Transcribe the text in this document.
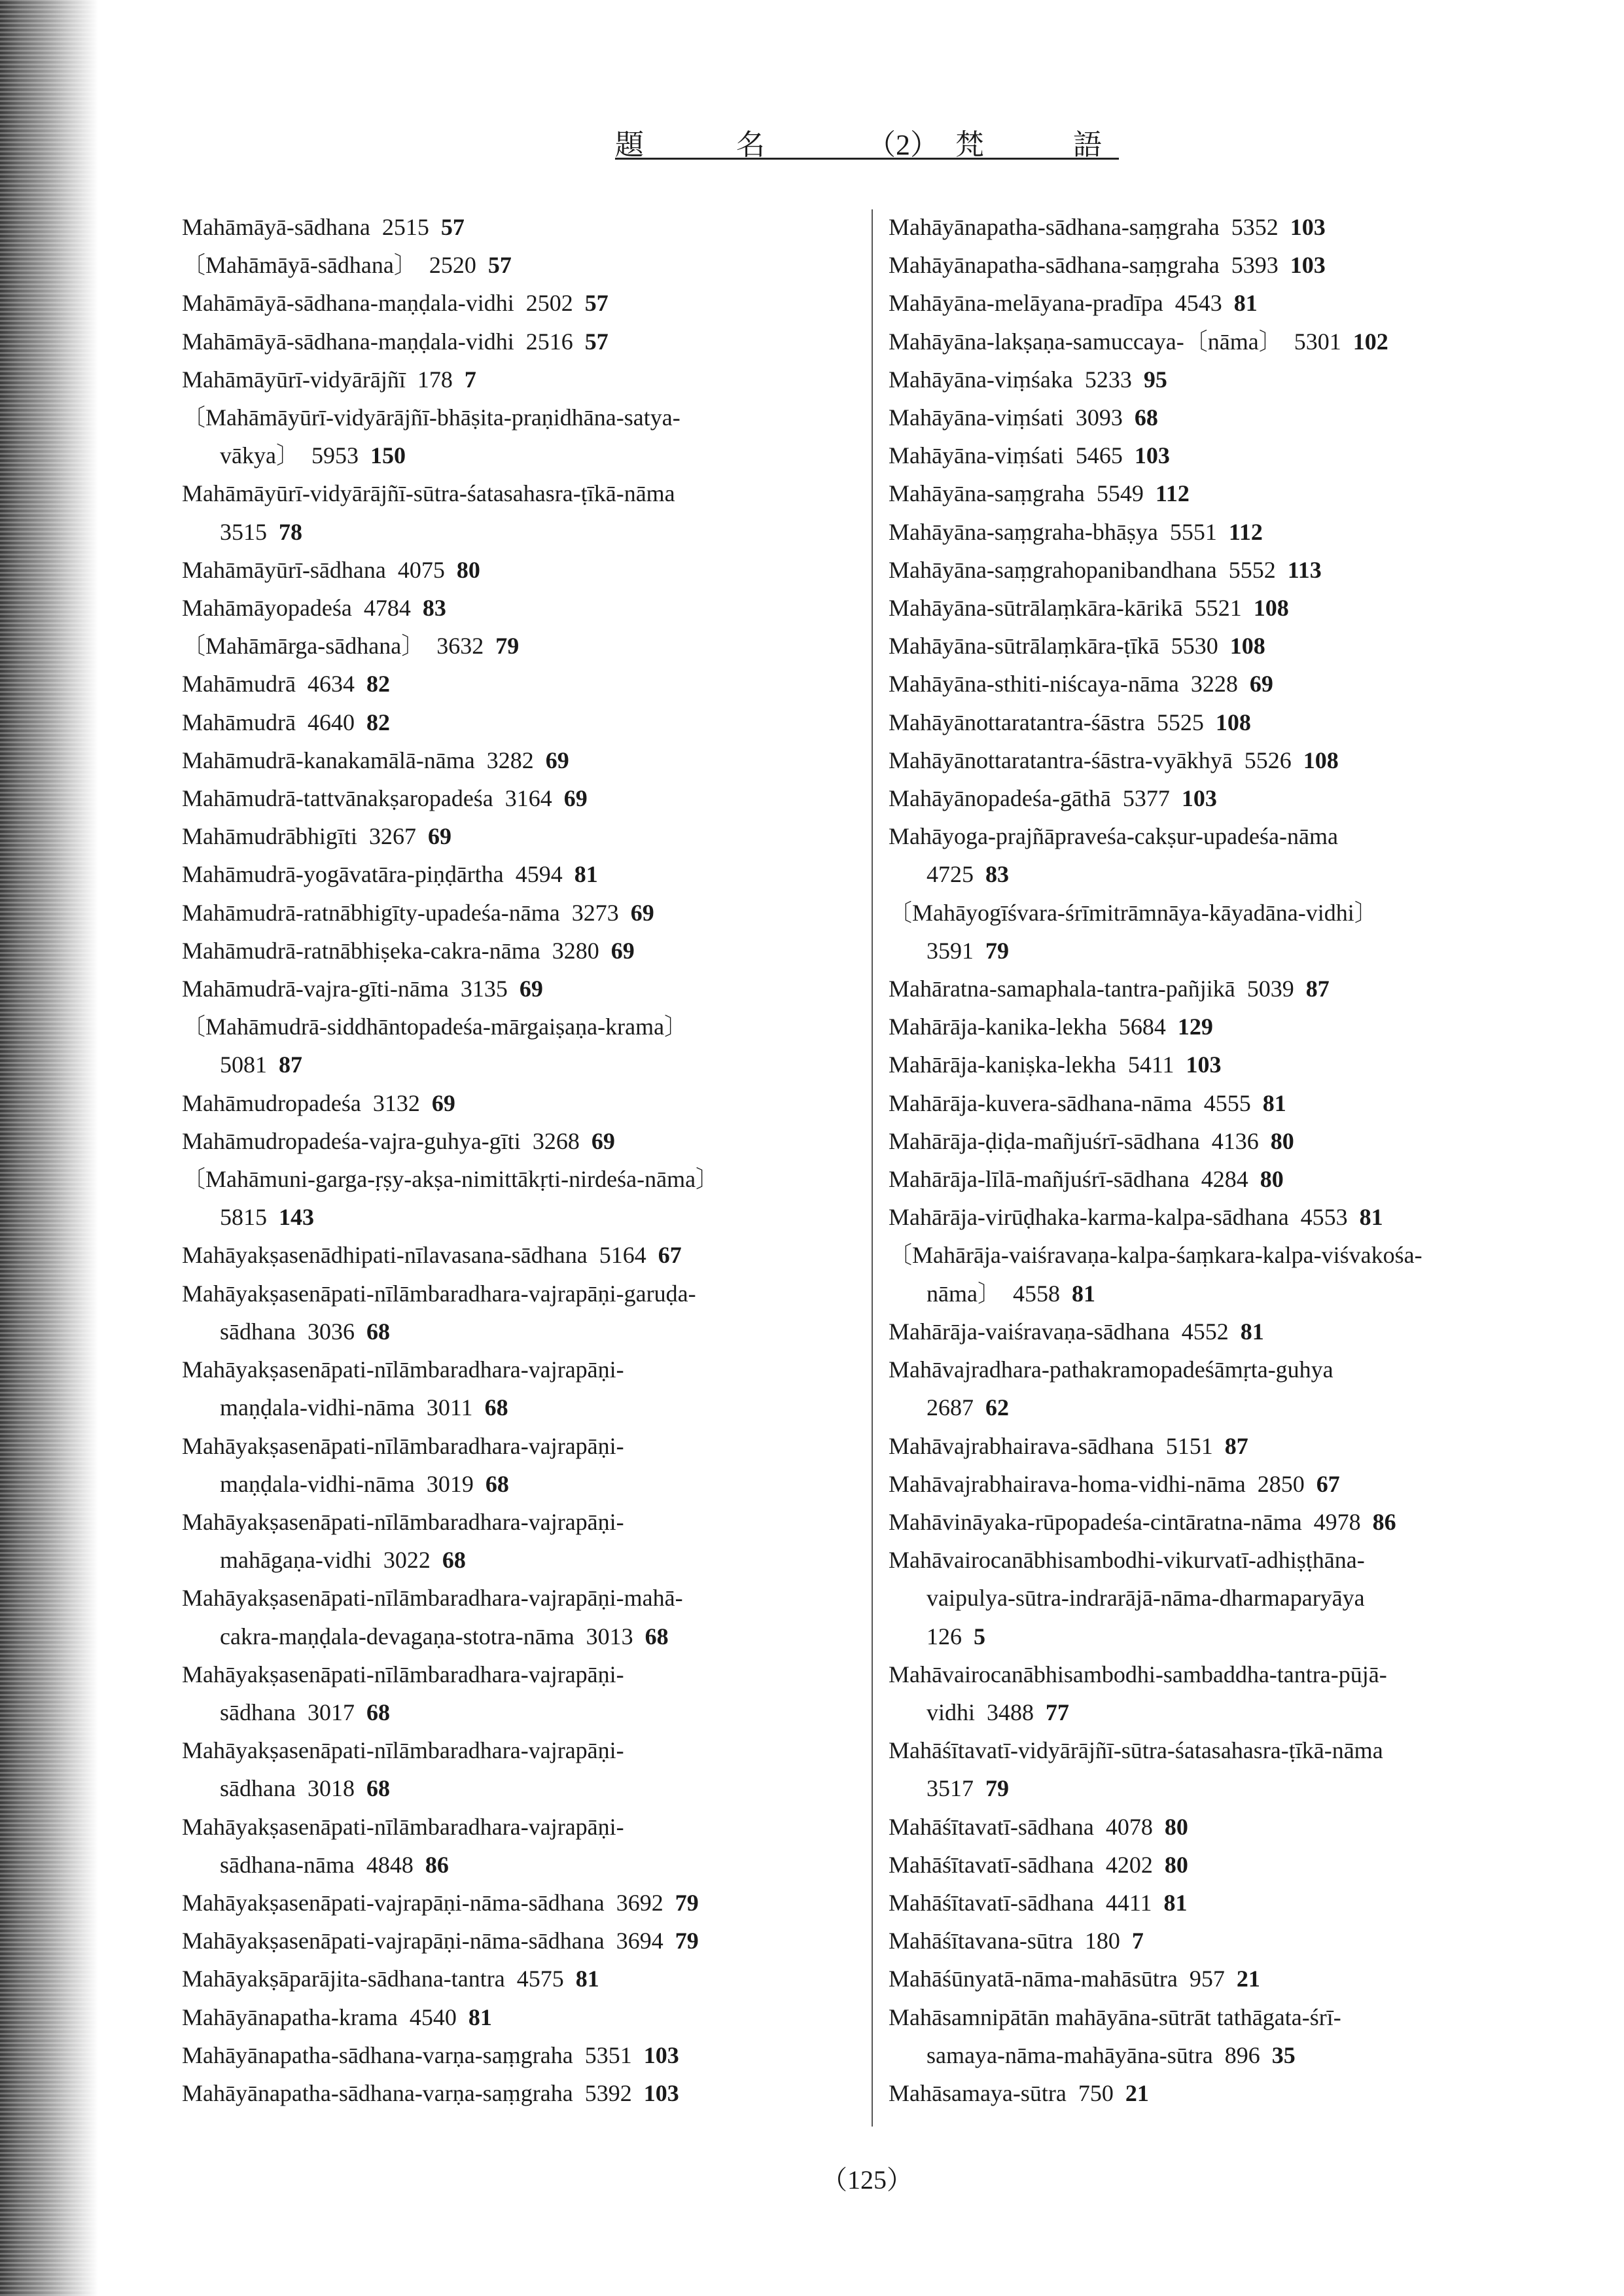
題	名	（2） 梵	語
Mahāmāyā-sādhana 2515 57
〔Mahāmāyā-sādhana〕 2520 57
Mahāmāyā-sādhana-maṇḍala-vidhi 2502 57
Mahāmāyā-sādhana-maṇḍala-vidhi 2516 57
Mahāmāyūrī-vidyārājñī 178 7
〔Mahāmāyūrī-vidyārājñī-bhāṣita-praṇidhāna-satya-
vākya〕 5953 150
Mahāmāyūrī-vidyārājñī-sūtra-śatasahasra-ṭīkā-nāma
3515 78
Mahāmāyūrī-sādhana 4075 80
Mahāmāyopadeśa 4784 83
〔Mahāmārga-sādhana〕 3632 79
Mahāmudrā 4634 82
Mahāmudrā 4640 82
Mahāmudrā-kanakamālā-nāma 3282 69
Mahāmudrā-tattvānakṣaropadeśa 3164 69
Mahāmudrābhigīti 3267 69
Mahāmudrā-yogāvatāra-piṇḍārtha 4594 81
Mahāmudrā-ratnābhigīty-upadeśa-nāma 3273 69
Mahāmudrā-ratnābhiṣeka-cakra-nāma 3280 69
Mahāmudrā-vajra-gīti-nāma 3135 69
〔Mahāmudrā-siddhāntopadeśa-mārgaiṣaṇa-krama〕
5081 87
Mahāmudropadeśa 3132 69
Mahāmudropadeśa-vajra-guhya-gīti 3268 69
〔Mahāmuni-garga-ṛṣy-akṣa-nimittākṛti-nirdeśa-nāma〕
5815 143
Mahāyakṣasenādhipati-nīlavasana-sādhana 5164 67
Mahāyakṣasenāpati-nīlāmbaradhara-vajrapāṇi-garuḍa-
sādhana 3036 68
Mahāyakṣasenāpati-nīlāmbaradhara-vajrapāṇi-
maṇḍala-vidhi-nāma 3011 68
Mahāyakṣasenāpati-nīlāmbaradhara-vajrapāṇi-
maṇḍala-vidhi-nāma 3019 68
Mahāyakṣasenāpati-nīlāmbaradhara-vajrapāṇi-
mahāgaṇa-vidhi 3022 68
Mahāyakṣasenāpati-nīlāmbaradhara-vajrapāṇi-mahā-
cakra-maṇḍala-devagaṇa-stotra-nāma 3013 68
Mahāyakṣasenāpati-nīlāmbaradhara-vajrapāṇi-
sādhana 3017 68
Mahāyakṣasenāpati-nīlāmbaradhara-vajrapāṇi-
sādhana 3018 68
Mahāyakṣasenāpati-nīlāmbaradhara-vajrapāṇi-
sādhana-nāma 4848 86
Mahāyakṣasenāpati-vajrapāṇi-nāma-sādhana 3692 79
Mahāyakṣasenāpati-vajrapāṇi-nāma-sādhana 3694 79
Mahāyakṣāparājita-sādhana-tantra 4575 81
Mahāyānapatha-krama 4540 81
Mahāyānapatha-sādhana-varṇa-saṃgraha 5351 103
Mahāyānapatha-sādhana-varṇa-saṃgraha 5392 103
Mahāyānapatha-sādhana-saṃgraha 5352 103
Mahāyānapatha-sādhana-saṃgraha 5393 103
Mahāyāna-melāyana-pradīpa 4543 81
Mahāyāna-lakṣaṇa-samuccaya-〔nāma〕 5301 102
Mahāyāna-viṃśaka 5233 95
Mahāyāna-viṃśati 3093 68
Mahāyāna-viṃśati 5465 103
Mahāyāna-saṃgraha 5549 112
Mahāyāna-saṃgraha-bhāṣya 5551 112
Mahāyāna-saṃgrahopanibandhana 5552 113
Mahāyāna-sūtrālaṃkāra-kārikā 5521 108
Mahāyāna-sūtrālaṃkāra-ṭīkā 5530 108
Mahāyāna-sthiti-niścaya-nāma 3228 69
Mahāyānottaratantra-śāstra 5525 108
Mahāyānottaratantra-śāstra-vyākhyā 5526 108
Mahāyānopadeśa-gāthā 5377 103
Mahāyoga-prajñāpraveśa-cakṣur-upadeśa-nāma
4725 83
〔Mahāyogīśvara-śrīmitrāmnāya-kāyadāna-vidhi〕
3591 79
Mahāratna-samaphala-tantra-pañjikā 5039 87
Mahārāja-kanika-lekha 5684 129
Mahārāja-kaniṣka-lekha 5411 103
Mahārāja-kuvera-sādhana-nāma 4555 81
Mahārāja-ḍiḍa-mañjuśrī-sādhana 4136 80
Mahārāja-līlā-mañjuśrī-sādhana 4284 80
Mahārāja-virūḍhaka-karma-kalpa-sādhana 4553 81
〔Mahārāja-vaiśravaṇa-kalpa-śaṃkara-kalpa-viśvakośa-
nāma〕 4558 81
Mahārāja-vaiśravaṇa-sādhana 4552 81
Mahāvajradhara-pathakramopadeśāmṛta-guhya
2687 62
Mahāvajrabhairava-sādhana 5151 87
Mahāvajrabhairava-homa-vidhi-nāma 2850 67
Mahāvināyaka-rūpopadeśa-cintāratna-nāma 4978 86
Mahāvairocanābhisambodhi-vikurvatī-adhiṣṭhāna-
vaipulya-sūtra-indrarājā-nāma-dharmaparyāya
126 5
Mahāvairocanābhisambodhi-sambaddha-tantra-pūjā-
vidhi 3488 77
Mahāśītavatī-vidyārājñī-sūtra-śatasahasra-ṭīkā-nāma
3517 79
Mahāśītavatī-sādhana 4078 80
Mahāśītavatī-sādhana 4202 80
Mahāśītavatī-sādhana 4411 81
Mahāśītavana-sūtra 180 7
Mahāśūnyatā-nāma-mahāsūtra 957 21
Mahāsamnipātān mahāyāna-sūtrāt tathāgata-śrī-
samaya-nāma-mahāyāna-sūtra 896 35
Mahāsamaya-sūtra 750 21
（125）
